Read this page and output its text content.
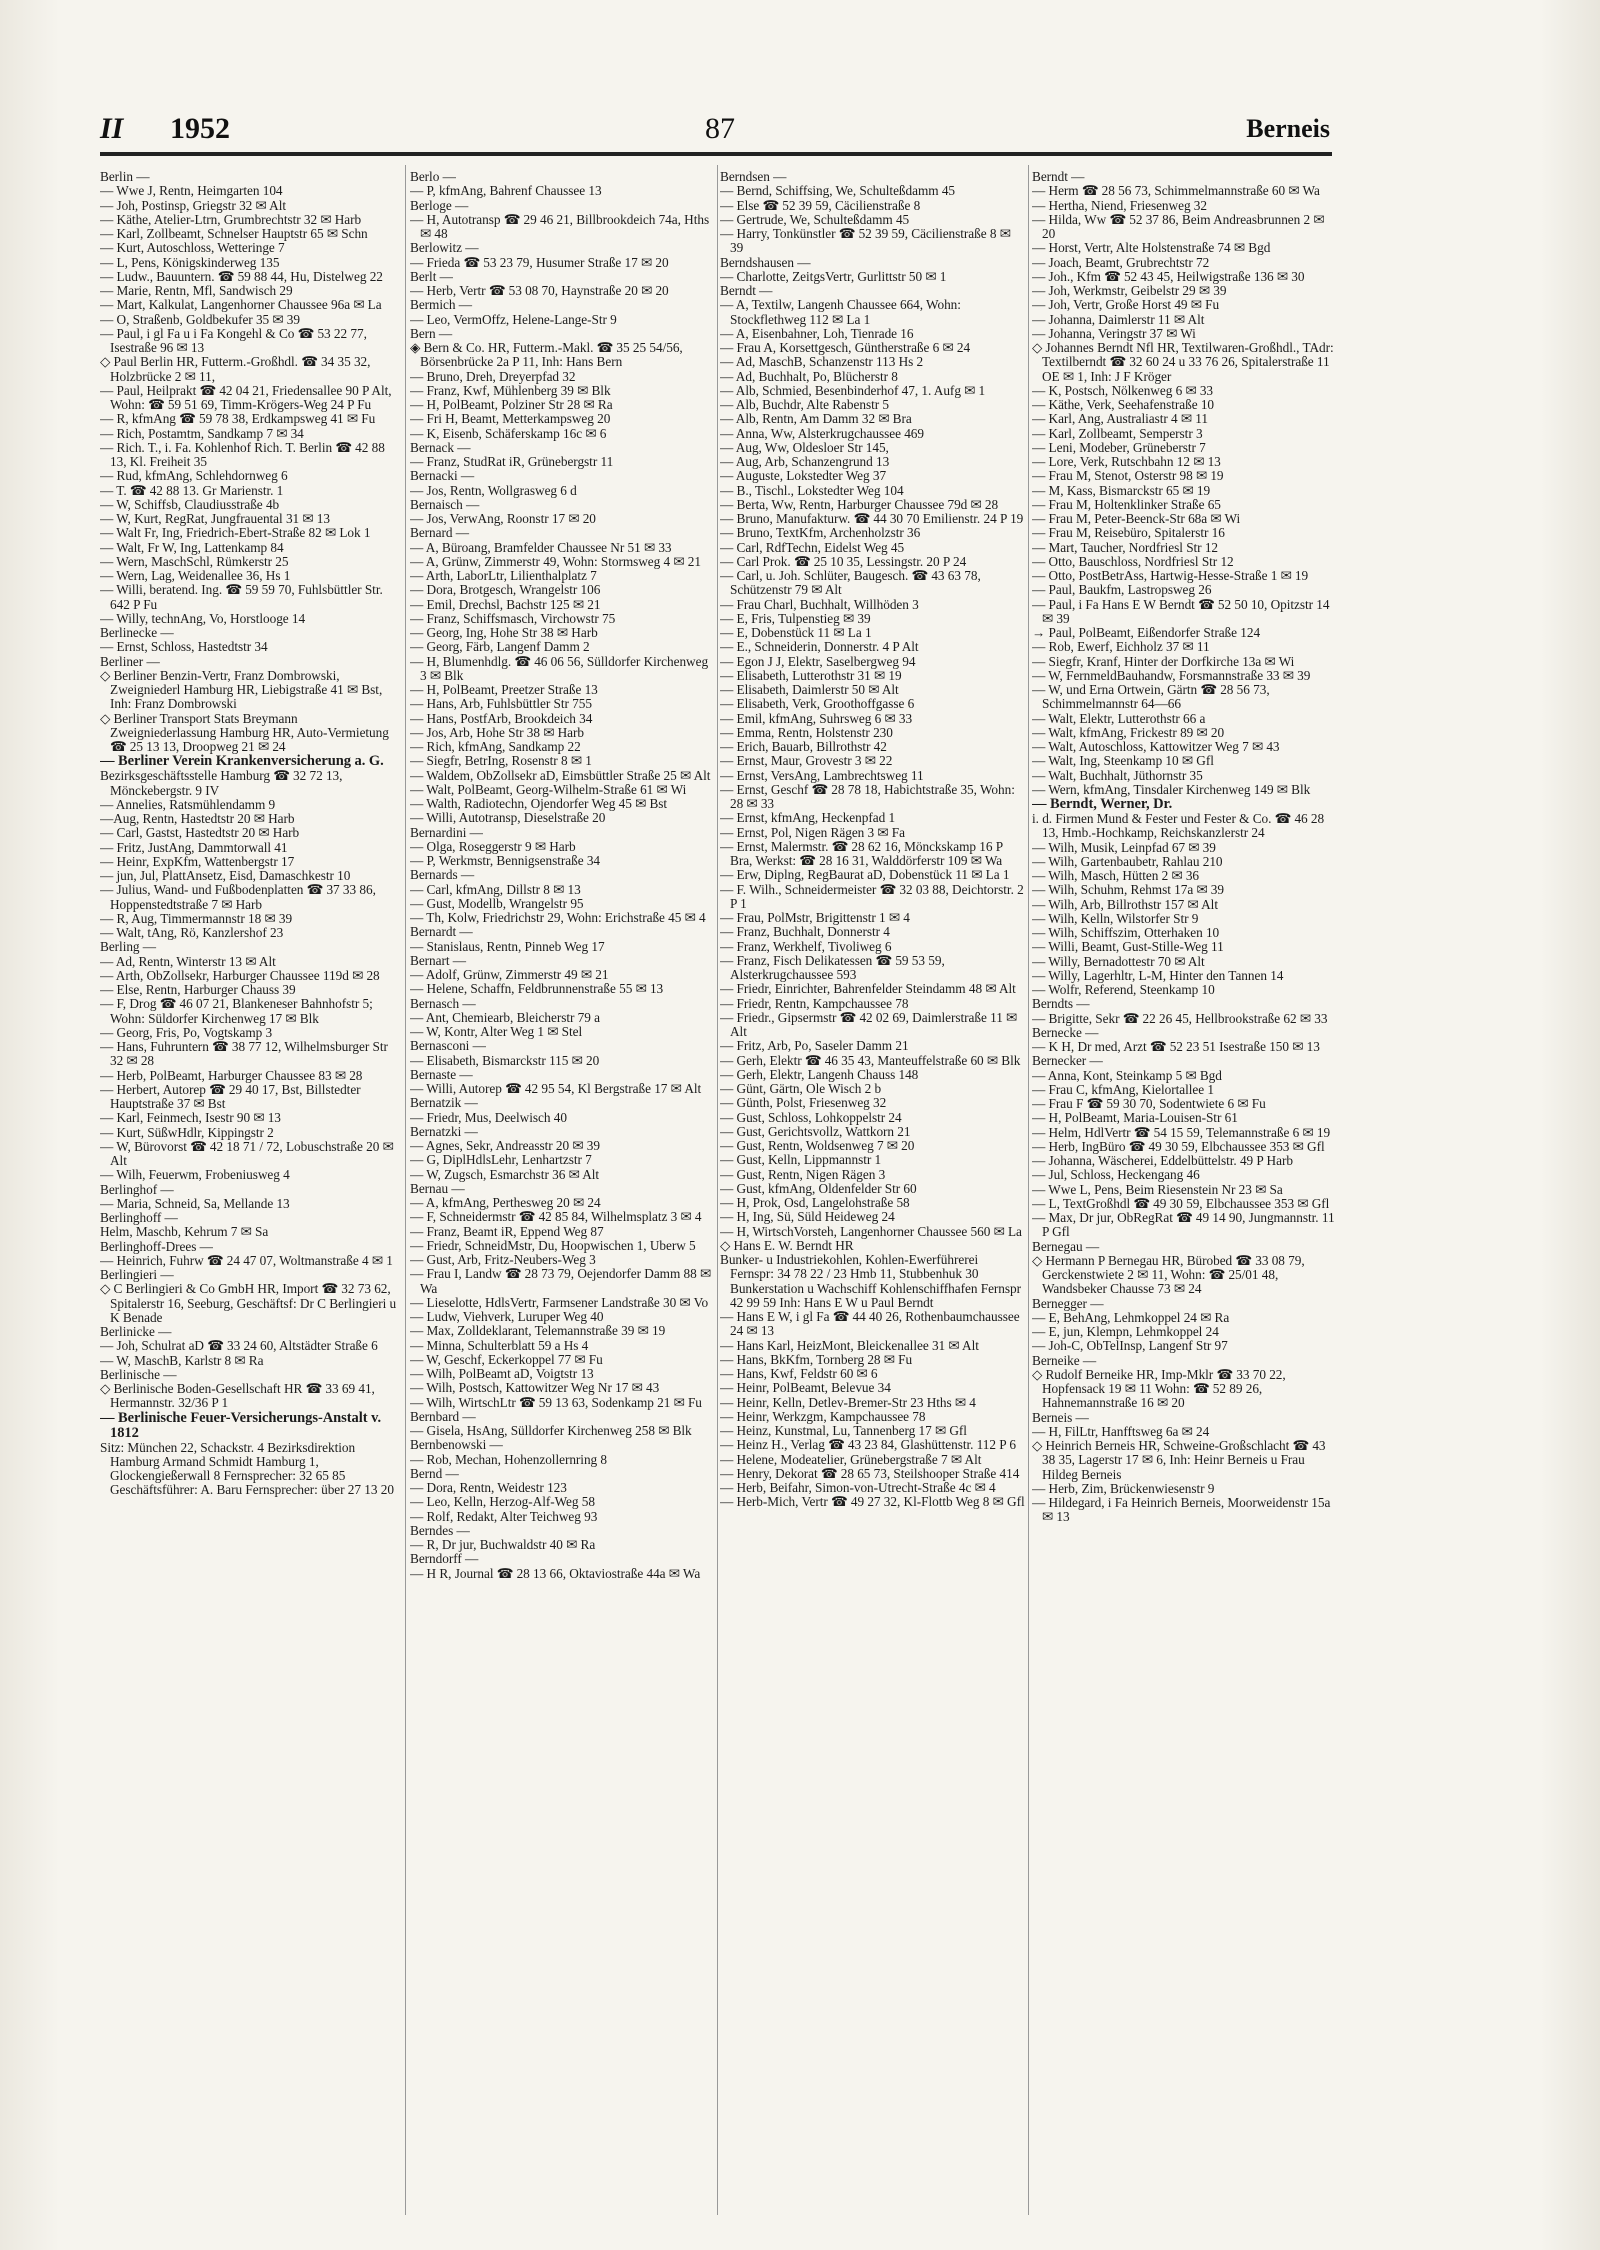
II 1952	87	Berneis

Berlin —

— Wwe J, Rentn, Heimgarten 104

— Joh, Postinsp, Griegstr 32 ✉ Alt

— Käthe, Atelier-Ltrn, Grumbrechtstr 32 ✉ Harb

— Karl, Zollbeamt, Schnelser Hauptstr 65 ✉ Schn

— Kurt, Autoschloss, Wetteringe 7

— L, Pens, Königskinderweg 135

— Ludw., Bauuntern. ☎ 59 88 44, Hu, Distelweg 22

— Marie, Rentn, Mfl, Sandwisch 29

— Mart, Kalkulat, Langenhorner Chaussee 96a ✉ La

— O, Straßenb, Goldbekufer 35 ✉ 39

— Paul, i gl Fa u i Fa Kongehl & Co ☎ 53 22 77, Isestraße 96 ✉ 13

◇ Paul Berlin HR, Futterm.-Großhdl. ☎ 34 35 32, Holzbrücke 2 ✉ 11,

— Paul, Heilprakt ☎ 42 04 21, Friedensallee 90 P Alt, Wohn: ☎ 59 51 69, Timm-Krögers-Weg 24 P Fu

— R, kfmAng ☎ 59 78 38, Erdkampsweg 41 ✉ Fu

— Rich, Postamtm, Sandkamp 7 ✉ 34

— Rich. T., i. Fa. Kohlenhof Rich. T. Berlin ☎ 42 88 13, Kl. Freiheit 35

— Rud, kfmAng, Schlehdornweg 6

— T. ☎ 42 88 13. Gr Marienstr. 1

— W, Schiffsb, Claudiusstraße 4b

— W, Kurt, RegRat, Jungfrauental 31 ✉ 13

— Walt Fr, Ing, Friedrich-Ebert-Straße 82 ✉ Lok 1

— Walt, Fr W, Ing, Lattenkamp 84

— Wern, MaschSchl, Rümkerstr 25

— Wern, Lag, Weidenallee 36, Hs 1

— Willi, beratend. Ing. ☎ 59 59 70, Fuhlsbüttler Str. 642 P Fu

— Willy, technAng, Vo, Horstlooge 14

Berlinecke —

— Ernst, Schloss, Hastedtstr 34

Berliner —

◇ Berliner Benzin-Vertr, Franz Dombrowski, Zweigniederl Hamburg HR, Liebigstraße 41 ✉ Bst, Inh: Franz Dombrowski

◇ Berliner Transport Stats Breymann Zweigniederlassung Hamburg HR, Auto-Vermietung ☎ 25 13 13, Droopweg 21 ✉ 24

— Berliner Verein Krankenversicherung a. G.

Bezirksgeschäftsstelle Hamburg ☎ 32 72 13, Mönckebergstr. 9 IV

— Annelies, Ratsmühlendamm 9

—Aug, Rentn, Hastedtstr 20 ✉ Harb

— Carl, Gastst, Hastedtstr 20 ✉ Harb

— Fritz, JustAng, Dammtorwall 41

— Heinr, ExpKfm, Wattenbergstr 17

— jun, Jul, PlattAnsetz, Eisd, Damaschkestr 10

— Julius, Wand- und Fußbodenplatten ☎ 37 33 86, Hoppenstedtstraße 7 ✉ Harb

— R, Aug, Timmermannstr 18 ✉ 39

— Walt, tAng, Rö, Kanzlershof 23

Berling —

— Ad, Rentn, Winterstr 13 ✉ Alt

— Arth, ObZollsekr, Harburger Chaussee 119d ✉ 28

— Else, Rentn, Harburger Chauss 39

— F, Drog ☎ 46 07 21, Blankeneser Bahnhofstr 5; Wohn: Süldorfer Kirchenweg 17 ✉ Blk

— Georg, Fris, Po, Vogtskamp 3

— Hans, Fuhruntern ☎ 38 77 12, Wilhelmsburger Str 32 ✉ 28

— Herb, PolBeamt, Harburger Chaussee 83 ✉ 28

— Herbert, Autorep ☎ 29 40 17, Bst, Billstedter Hauptstraße 37 ✉ Bst

— Karl, Feinmech, Isestr 90 ✉ 13

— Kurt, SüßwHdlr, Kippingstr 2

— W, Bürovorst ☎ 42 18 71 / 72, Lobuschstraße 20 ✉ Alt

— Wilh, Feuerwm, Frobeniusweg 4

Berlinghof —

— Maria, Schneid, Sa, Mellande 13

Berlinghoff —

Helm, Maschb, Kehrum 7 ✉ Sa

Berlinghoff-Drees —

— Heinrich, Fuhrw ☎ 24 47 07, Woltmanstraße 4 ✉ 1

Berlingieri —

◇ C Berlingieri & Co GmbH HR, Import ☎ 32 73 62, Spitalerstr 16, Seeburg, Geschäftsf: Dr C Berlingieri u K Benade

Berlinicke —

— Joh, Schulrat aD ☎ 33 24 60, Altstädter Straße 6

— W, MaschB, Karlstr 8 ✉ Ra

Berlinische —

◇ Berlinische Boden-Gesellschaft HR ☎ 33 69 41, Hermannstr. 32/36 P 1

— Berlinische Feuer-Versicherungs-Anstalt v. 1812

Sitz: München 22, Schackstr. 4 Bezirksdirektion Hamburg Armand Schmidt Hamburg 1, Glockengießerwall 8 Fernsprecher: 32 65 85 Geschäftsführer: A. Baru Fernsprecher: über 27 13 20

Berlo —

— P, kfmAng, Bahrenf Chaussee 13

Berloge —

— H, Autotransp ☎ 29 46 21, Billbrookdeich 74a, Hths ✉ 48

Berlowitz —

— Frieda ☎ 53 23 79, Husumer Straße 17 ✉ 20

Berlt —

— Herb, Vertr ☎ 53 08 70, Haynstraße 20 ✉ 20

Bermich —

— Leo, VermOffz, Helene-Lange-Str 9

Bern —

◈ Bern & Co. HR, Futterm.-Makl. ☎ 35 25 54/56, Börsenbrücke 2a P 11, Inh: Hans Bern

— Bruno, Dreh, Dreyerpfad 32

— Franz, Kwf, Mühlenberg 39 ✉ Blk

— H, PolBeamt, Polziner Str 28 ✉ Ra

— Fri H, Beamt, Metterkampsweg 20

— K, Eisenb, Schäferskamp 16c ✉ 6

Bernack —

— Franz, StudRat iR, Grünebergstr 11

Bernacki —

— Jos, Rentn, Wollgrasweg 6 d

Bernaisch —

— Jos, VerwAng, Roonstr 17 ✉ 20

Bernard —

— A, Büroang, Bramfelder Chaussee Nr 51 ✉ 33

— A, Grünw, Zimmerstr 49, Wohn: Stormsweg 4 ✉ 21

— Arth, LaborLtr, Lilienthalplatz 7

— Dora, Brotgesch, Wrangelstr 106

— Emil, Drechsl, Bachstr 125 ✉ 21

— Franz, Schiffsmasch, Virchowstr 75

— Georg, Ing, Hohe Str 38 ✉ Harb

— Georg, Färb, Langenf Damm 2

— H, Blumenhdlg. ☎ 46 06 56, Sülldorfer Kirchenweg 3 ✉ Blk

— H, PolBeamt, Preetzer Straße 13

— Hans, Arb, Fuhlsbüttler Str 755

— Hans, PostfArb, Brookdeich 34

— Jos, Arb, Hohe Str 38 ✉ Harb

— Rich, kfmAng, Sandkamp 22

— Siegfr, BetrIng, Rosenstr 8 ✉ 1

— Waldem, ObZollsekr aD, Eimsbüttler Straße 25 ✉ Alt

— Walt, PolBeamt, Georg-Wilhelm-Straße 61 ✉ Wi

— Walth, Radiotechn, Ojendorfer Weg 45 ✉ Bst

— Willi, Autotransp, Dieselstraße 20

Bernardini —

— Olga, Roseggerstr 9 ✉ Harb

— P, Werkmstr, Bennigsenstraße 34

Bernards —

— Carl, kfmAng, Dillstr 8 ✉ 13

— Gust, Modellb, Wrangelstr 95

— Th, Kolw, Friedrichstr 29, Wohn: Erichstraße 45 ✉ 4

Bernardt —

— Stanislaus, Rentn, Pinneb Weg 17

Bernart —

— Adolf, Grünw, Zimmerstr 49 ✉ 21

— Helene, Schaffn, Feldbrunnenstraße 55 ✉ 13

Bernasch —

— Ant, Chemiearb, Bleicherstr 79 a

— W, Kontr, Alter Weg 1 ✉ Stel

Bernasconi —

— Elisabeth, Bismarckstr 115 ✉ 20

Bernaste —

— Willi, Autorep ☎ 42 95 54, Kl Bergstraße 17 ✉ Alt

Bernatzik —

— Friedr, Mus, Deelwisch 40

Bernatzki —

— Agnes, Sekr, Andreasstr 20 ✉ 39

— G, DiplHdlsLehr, Lenhartzstr 7

— W, Zugsch, Esmarchstr 36 ✉ Alt

Bernau —

— A, kfmAng, Perthesweg 20 ✉ 24

— F, Schneidermstr ☎ 42 85 84, Wilhelmsplatz 3 ✉ 4

— Franz, Beamt iR, Eppend Weg 87

— Friedr, SchneidMstr, Du, Hoopwischen 1, Uberw 5

— Gust, Arb, Fritz-Neubers-Weg 3

— Frau I, Landw ☎ 28 73 79, Oejendorfer Damm 88 ✉ Wa

— Lieselotte, HdlsVertr, Farmsener Landstraße 30 ✉ Vo

— Ludw, Viehverk, Luruper Weg 40

— Max, Zolldeklarant, Telemannstraße 39 ✉ 19

— Minna, Schulterblatt 59 a Hs 4

— W, Geschf, Eckerkoppel 77 ✉ Fu

— Wilh, PolBeamt aD, Voigtstr 13

— Wilh, Postsch, Kattowitzer Weg Nr 17 ✉ 43

— Wilh, WirtschLtr ☎ 59 13 63, Sodenkamp 21 ✉ Fu

Bernbard —

— Gisela, HsAng, Sülldorfer Kirchenweg 258 ✉ Blk

Bernbenowski —

— Rob, Mechan, Hohenzollernring 8

Bernd —

— Dora, Rentn, Weidestr 123

— Leo, Kelln, Herzog-Alf-Weg 58

— Rolf, Redakt, Alter Teichweg 93

Berndes —

— R, Dr jur, Buchwaldstr 40 ✉ Ra

Berndorff —

— H R, Journal ☎ 28 13 66, Oktaviostraße 44a ✉ Wa

Berndsen —

— Bernd, Schiffsing, We, Schulteßdamm 45

— Else ☎ 52 39 59, Cäcilienstraße 8

— Gertrude, We, Schulteßdamm 45

— Harry, Tonkünstler ☎ 52 39 59, Cäcilienstraße 8 ✉ 39

Berndshausen —

— Charlotte, ZeitgsVertr, Gurlittstr 50 ✉ 1

Berndt —

— A, Textilw, Langenh Chaussee 664, Wohn: Stockflethweg 112 ✉ La 1

— A, Eisenbahner, Loh, Tienrade 16

— Frau A, Korsettgesch, Güntherstraße 6 ✉ 24

— Ad, MaschB, Schanzenstr 113 Hs 2

— Ad, Buchhalt, Po, Blücherstr 8

— Alb, Schmied, Besenbinderhof 47, 1. Aufg ✉ 1

— Alb, Buchdr, Alte Rabenstr 5

— Alb, Rentn, Am Damm 32 ✉ Bra

— Anna, Ww, Alsterkrugchaussee 469

— Aug, Ww, Oldesloer Str 145,

— Aug, Arb, Schanzengrund 13

— Auguste, Lokstedter Weg 37

— B., Tischl., Lokstedter Weg 104

— Berta, Ww, Rentn, Harburger Chaussee 79d ✉ 28

— Bruno, Manufakturw. ☎ 44 30 70 Emilienstr. 24 P 19

— Bruno, TextKfm, Archenholzstr 36

— Carl, RdfTechn, Eidelst Weg 45

— Carl Prok. ☎ 25 10 35, Lessingstr. 20 P 24

— Carl, u. Joh. Schlüter, Baugesch. ☎ 43 63 78, Schützenstr 79 ✉ Alt

— Frau Charl, Buchhalt, Willhöden 3

— E, Fris, Tulpenstieg ✉ 39

— E, Dobenstück 11 ✉ La 1

— E., Schneiderin, Donnerstr. 4 P Alt

— Egon J J, Elektr, Saselbergweg 94

— Elisabeth, Lutterothstr 31 ✉ 19

— Elisabeth, Daimlerstr 50 ✉ Alt

— Elisabeth, Verk, Groothoffgasse 6

— Emil, kfmAng, Suhrsweg 6 ✉ 33

— Emma, Rentn, Holstenstr 230

— Erich, Bauarb, Billrothstr 42

— Ernst, Maur, Grovestr 3 ✉ 22

— Ernst, VersAng, Lambrechtsweg 11

— Ernst, Geschf ☎ 28 78 18, Habichtstraße 35, Wohn: 28 ✉ 33

— Ernst, kfmAng, Heckenpfad 1

— Ernst, Pol, Nigen Rägen 3 ✉ Fa

— Ernst, Malermstr. ☎ 28 62 16, Mönckskamp 16 P Bra, Werkst: ☎ 28 16 31, Walddörferstr 109 ✉ Wa

— Erw, Diplng, RegBaurat aD, Dobenstück 11 ✉ La 1

— F. Wilh., Schneidermeister ☎ 32 03 88, Deichtorstr. 2 P 1

— Frau, PolMstr, Brigittenstr 1 ✉ 4

— Franz, Buchhalt, Donnerstr 4

— Franz, Werkhelf, Tivoliweg 6

— Franz, Fisch Delikatessen ☎ 59 53 59, Alsterkrugchaussee 593

— Friedr, Einrichter, Bahrenfelder Steindamm 48 ✉ Alt

— Friedr, Rentn, Kampchaussee 78

— Friedr., Gipsermstr ☎ 42 02 69, Daimlerstraße 11 ✉ Alt

— Fritz, Arb, Po, Saseler Damm 21

— Gerh, Elektr ☎ 46 35 43, Manteuffelstraße 60 ✉ Blk

— Gerh, Elektr, Langenh Chauss 148

— Günt, Gärtn, Ole Wisch 2 b

— Günth, Polst, Friesenweg 32

— Gust, Schloss, Lohkoppelstr 24

— Gust, Gerichtsvollz, Wattkorn 21

— Gust, Rentn, Woldsenweg 7 ✉ 20

— Gust, Kelln, Lippmannstr 1

— Gust, Rentn, Nigen Rägen 3

— Gust, kfmAng, Oldenfelder Str 60

— H, Prok, Osd, Langelohstraße 58

— H, Ing, Sü, Süld Heideweg 24

— H, WirtschVorsteh, Langenhorner Chaussee 560 ✉ La

◇ Hans E. W. Berndt HR

Bunker- u Industriekohlen, Kohlen-Ewerführerei Fernspr: 34 78 22 / 23 Hmb 11, Stubbenhuk 30 Bunkerstation u Wachschiff Kohlenschiffhafen Fernspr 42 99 59 Inh: Hans E W u Paul Berndt

— Hans E W, i gl Fa ☎ 44 40 26, Rothenbaumchaussee 24 ✉ 13

— Hans Karl, HeizMont, Bleickenallee 31 ✉ Alt

— Hans, BkKfm, Tornberg 28 ✉ Fu

— Hans, Kwf, Feldstr 60 ✉ 6

— Heinr, PolBeamt, Belevue 34

— Heinr, Kelln, Detlev-Bremer-Str 23 Hths ✉ 4

— Heinr, Werkzgm, Kampchaussee 78

— Heinz, Kunstmal, Lu, Tannenberg 17 ✉ Gfl

— Heinz H., Verlag ☎ 43 23 84, Glashüttenstr. 112 P 6

— Helene, Modeatelier, Grünebergstraße 7 ✉ Alt

— Henry, Dekorat ☎ 28 65 73, Steilshooper Straße 414

— Herb, Beifahr, Simon-von-Utrecht-Straße 4c ✉ 4

— Herb-Mich, Vertr ☎ 49 27 32, Kl-Flottb Weg 8 ✉ Gfl

Berndt —

— Herm ☎ 28 56 73, Schimmelmannstraße 60 ✉ Wa

— Hertha, Niend, Friesenweg 32

— Hilda, Ww ☎ 52 37 86, Beim Andreasbrunnen 2 ✉ 20

— Horst, Vertr, Alte Holstenstraße 74 ✉ Bgd

— Joach, Beamt, Grubrechtstr 72

— Joh., Kfm ☎ 52 43 45, Heilwigstraße 136 ✉ 30

— Joh, Werkmstr, Geibelstr 29 ✉ 39

— Joh, Vertr, Große Horst 49 ✉ Fu

— Johanna, Daimlerstr 11 ✉ Alt

— Johanna, Veringstr 37 ✉ Wi

◇ Johannes Berndt Nfl HR, Textilwaren-Großhdl., TAdr: Textilberndt ☎ 32 60 24 u 33 76 26, Spitalerstraße 11 OE ✉ 1, Inh: J F Kröger

— K, Postsch, Nölkenweg 6 ✉ 33

— Käthe, Verk, Seehafenstraße 10

— Karl, Ang, Australiastr 4 ✉ 11

— Karl, Zollbeamt, Semperstr 3

— Leni, Modeber, Grüneberstr 7

— Lore, Verk, Rutschbahn 12 ✉ 13

— Frau M, Stenot, Osterstr 98 ✉ 19

— M, Kass, Bismarckstr 65 ✉ 19

— Frau M, Holtenklinker Straße 65

— Frau M, Peter-Beenck-Str 68a ✉ Wi

— Frau M, Reisebüro, Spitalerstr 16

— Mart, Taucher, Nordfriesl Str 12

— Otto, Bauschloss, Nordfriesl Str 12

— Otto, PostBetrAss, Hartwig-Hesse-Straße 1 ✉ 19

— Paul, Baukfm, Lastropsweg 26

— Paul, i Fa Hans E W Berndt ☎ 52 50 10, Opitzstr 14 ✉ 39

→ Paul, PolBeamt, Eißendorfer Straße 124

— Rob, Ewerf, Eichholz 37 ✉ 11

— Siegfr, Kranf, Hinter der Dorfkirche 13a ✉ Wi

— W, FernmeldBauhandw, Forsmannstraße 33 ✉ 39

— W, und Erna Ortwein, Gärtn ☎ 28 56 73, Schimmelmannstr 64—66

— Walt, Elektr, Lutterothstr 66 a

— Walt, kfmAng, Frickestr 89 ✉ 20

— Walt, Autoschloss, Kattowitzer Weg 7 ✉ 43

— Walt, Ing, Steenkamp 10 ✉ Gfl

— Walt, Buchhalt, Jüthornstr 35

— Wern, kfmAng, Tinsdaler Kirchenweg 149 ✉ Blk

— Berndt, Werner, Dr.

i. d. Firmen Mund & Fester und Fester & Co. ☎ 46 28 13, Hmb.-Hochkamp, Reichskanzlerstr 24

— Wilh, Musik, Leinpfad 67 ✉ 39

— Wilh, Gartenbaubetr, Rahlau 210

— Wilh, Masch, Hütten 2 ✉ 36

— Wilh, Schuhm, Rehmst 17a ✉ 39

— Wilh, Arb, Billrothstr 157 ✉ Alt

— Wilh, Kelln, Wilstorfer Str 9

— Wilh, Schiffszim, Otterhaken 10

— Willi, Beamt, Gust-Stille-Weg 11

— Willy, Bernadottestr 70 ✉ Alt

— Willy, Lagerhltr, L-M, Hinter den Tannen 14

— Wolfr, Referend, Steenkamp 10

Berndts —

— Brigitte, Sekr ☎ 22 26 45, Hellbrookstraße 62 ✉ 33

Bernecke —

— K H, Dr med, Arzt ☎ 52 23 51 Isestraße 150 ✉ 13

Bernecker —

— Anna, Kont, Steinkamp 5 ✉ Bgd

— Frau C, kfmAng, Kielortallee 1

— Frau F ☎ 59 30 70, Sodentwiete 6 ✉ Fu

— H, PolBeamt, Maria-Louisen-Str 61

— Helm, HdlVertr ☎ 54 15 59, Telemannstraße 6 ✉ 19

— Herb, IngBüro ☎ 49 30 59, Elbchaussee 353 ✉ Gfl

— Johanna, Wäscherei, Eddelbüttelstr. 49 P Harb

— Jul, Schloss, Heckengang 46

— Wwe L, Pens, Beim Riesenstein Nr 23 ✉ Sa

— L, TextGroßhdl ☎ 49 30 59, Elbchaussee 353 ✉ Gfl

— Max, Dr jur, ObRegRat ☎ 49 14 90, Jungmannstr. 11 P Gfl

Bernegau —

◇ Hermann P Bernegau HR, Bürobed ☎ 33 08 79, Gerckenstwiete 2 ✉ 11, Wohn: ☎ 25/01 48, Wandsbeker Chausse 73 ✉ 24

Bernegger —

— E, BehAng, Lehmkoppel 24 ✉ Ra

— E, jun, Klempn, Lehmkoppel 24

— Joh-C, ObTelInsp, Langenf Str 97

Berneike —

◇ Rudolf Berneike HR, Imp-Mklr ☎ 33 70 22, Hopfensack 19 ✉ 11 Wohn: ☎ 52 89 26, Hahnemannstraße 16 ✉ 20

Berneis —

— H, FilLtr, Hanfftsweg 6a ✉ 24

◇ Heinrich Berneis HR, Schweine-Großschlacht ☎ 43 38 35, Lagerstr 17 ✉ 6, Inh: Heinr Berneis u Frau Hildeg Berneis

— Herb, Zim, Brückenwiesenstr 9

— Hildegard, i Fa Heinrich Berneis, Moorweidenstr 15a ✉ 13
